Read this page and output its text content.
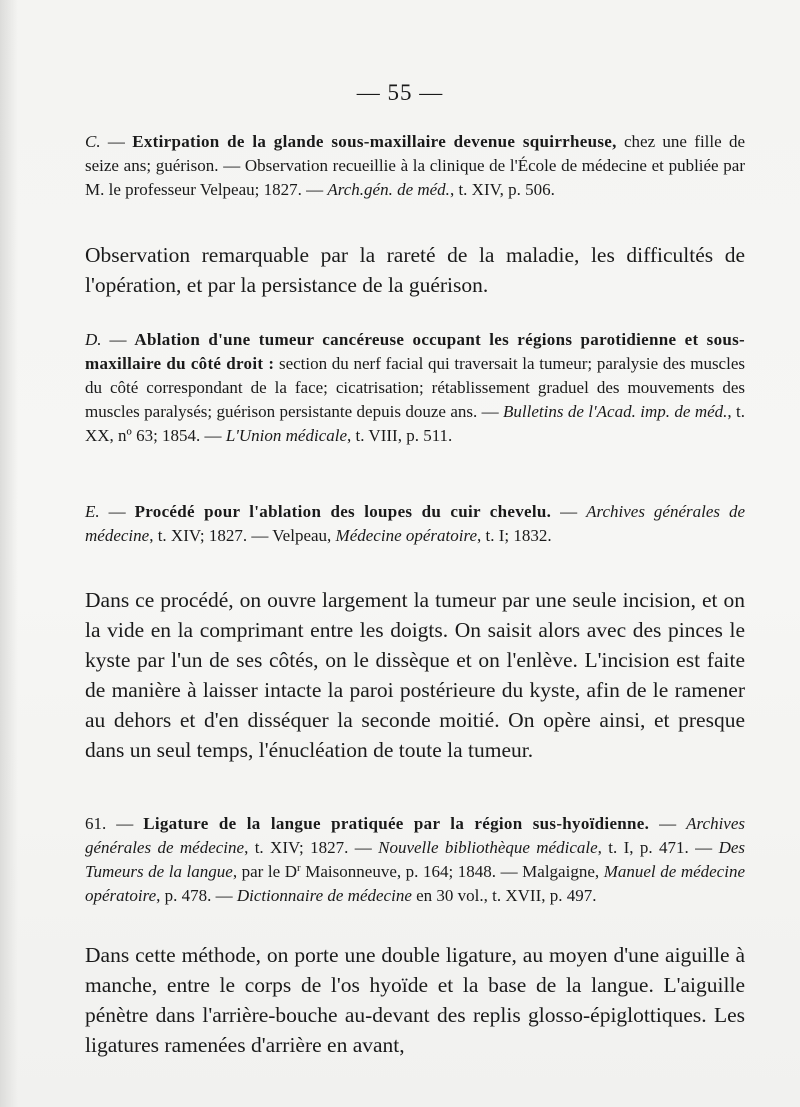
— 55 —
C. — Extirpation de la glande sous-maxillaire devenue squirrheuse, chez une fille de seize ans; guérison. — Observation recueillie à la clinique de l'École de médecine et publiée par M. le professeur Velpeau; 1827. — Arch.gén. de méd., t. XIV, p. 506.
Observation remarquable par la rareté de la maladie, les difficultés de l'opération, et par la persistance de la guérison.
D. — Ablation d'une tumeur cancéreuse occupant les régions parotidienne et sous-maxillaire du côté droit : section du nerf facial qui traversait la tumeur; paralysie des muscles du côté correspondant de la face; cicatrisation; rétablissement graduel des mouvements des muscles paralysés; guérison persistante depuis douze ans. — Bulletins de l'Acad. imp. de méd., t. XX, nº 63; 1854. — L'Union médicale, t. VIII, p. 511.
E. — Procédé pour l'ablation des loupes du cuir chevelu. — Archives générales de médecine, t. XIV; 1827. — Velpeau, Médecine opératoire, t. I; 1832.
Dans ce procédé, on ouvre largement la tumeur par une seule incision, et on la vide en la comprimant entre les doigts. On saisit alors avec des pinces le kyste par l'un de ses côtés, on le dissèque et on l'enlève. L'incision est faite de manière à laisser intacte la paroi postérieure du kyste, afin de le ramener au dehors et d'en disséquer la seconde moitié. On opère ainsi, et presque dans un seul temps, l'énucléation de toute la tumeur.
61. — Ligature de la langue pratiquée par la région sus-hyoïdienne. — Archives générales de médecine, t. XIV; 1827. — Nouvelle bibliothèque médicale, t. I, p. 471. — Des Tumeurs de la langue, par le $D^r$ Maisonneuve, p. 164; 1848. — Malgaigne, Manuel de médecine opératoire, p. 478. — Dictionnaire de médecine en 30 vol., t. XVII, p. 497.
Dans cette méthode, on porte une double ligature, au moyen d'une aiguille à manche, entre le corps de l'os hyoïde et la base de la langue. L'aiguille pénètre dans l'arrière-bouche au-devant des replis glosso-épiglottiques. Les ligatures ramenées d'arrière en avant,
